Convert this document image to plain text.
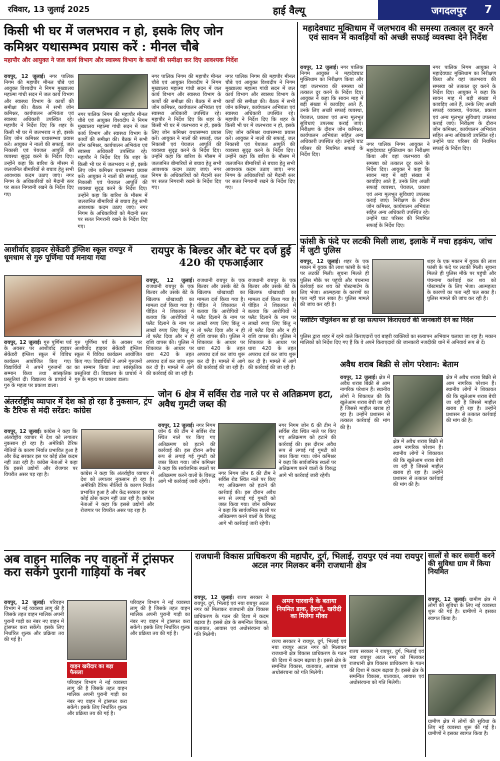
रविवार, 13 जुलाई 2025	हाई वैल्यू	जगदलपुर 7
किसी भी घर में जलभराव न हो, इसके लिए जोन
कमिश्नर यथासम्भव प्रयास करें : मीनल चौबे
महापौर और आयुक्त ने जल कार्य विभाग और स्वास्थ्य विभाग के कार्यों की समीक्षा कर दिए आवश्यक निर्देश
रायपुर, 12 जुलाई। नगर पालिक निगम की महापौर मीनल चौबे एवं आयुक्त विश्वदीप ने निगम मुख्यालय महात्मा गांधी सदन में जल कार्य विभाग और स्वास्थ्य विभाग के कार्यों की समीक्षा की। बैठक में सभी जोन कमिश्नर, कार्यपालन अभियंता एवं स्वास्थ्य अधिकारी उपस्थित रहे। महापौर ने निर्देश दिए कि शहर के किसी भी घर में जलभराव न हो, इसके लिए जोन कमिश्नर यथासम्भव प्रयास करें। आयुक्त ने नालों की सफाई, जल निकासी एवं पेयजल आपूर्ति की व्यवस्था सुदृढ़ करने के निर्देश दिए। उन्होंने कहा कि बारिश के मौसम में जलजनित बीमारियों से बचाव हेतु सभी आवश्यक कदम उठाए जाएं। नगर निगम के अधिकारियों को मैदानी स्तर पर सतत निगरानी रखने के निर्देश दिए गए।
नगर पालिक निगम की महापौर मीनल चौबे एवं आयुक्त विश्वदीप ने निगम मुख्यालय महात्मा गांधी सदन में जल कार्य विभाग और स्वास्थ्य विभाग के कार्यों की समीक्षा की। बैठक में सभी जोन कमिश्नर, कार्यपालन अभियंता एवं स्वास्थ्य अधिकारी उपस्थित रहे। महापौर ने निर्देश दिए कि शहर के किसी भी घर में जलभराव न हो, इसके लिए जोन कमिश्नर यथासम्भव प्रयास करें। आयुक्त ने नालों की सफाई, जल निकासी एवं पेयजल आपूर्ति की व्यवस्था सुदृढ़ करने के निर्देश दिए। उन्होंने कहा कि बारिश के मौसम में जलजनित बीमारियों से बचाव हेतु सभी आवश्यक कदम उठाए जाएं। नगर निगम के अधिकारियों को मैदानी स्तर पर सतत निगरानी रखने के निर्देश दिए गए।
नगर पालिक निगम की महापौर मीनल चौबे एवं आयुक्त विश्वदीप ने निगम मुख्यालय महात्मा गांधी सदन में जल कार्य विभाग और स्वास्थ्य विभाग के कार्यों की समीक्षा की। बैठक में सभी जोन कमिश्नर, कार्यपालन अभियंता एवं स्वास्थ्य अधिकारी उपस्थित रहे। महापौर ने निर्देश दिए कि शहर के किसी भी घर में जलभराव न हो, इसके लिए जोन कमिश्नर यथासम्भव प्रयास करें। आयुक्त ने नालों की सफाई, जल निकासी एवं पेयजल आपूर्ति की व्यवस्था सुदृढ़ करने के निर्देश दिए। उन्होंने कहा कि बारिश के मौसम में जलजनित बीमारियों से बचाव हेतु सभी आवश्यक कदम उठाए जाएं। नगर निगम के अधिकारियों को मैदानी स्तर पर सतत निगरानी रखने के निर्देश दिए गए।
नगर पालिक निगम की महापौर मीनल चौबे एवं आयुक्त विश्वदीप ने निगम मुख्यालय महात्मा गांधी सदन में जल कार्य विभाग और स्वास्थ्य विभाग के कार्यों की समीक्षा की। बैठक में सभी जोन कमिश्नर, कार्यपालन अभियंता एवं स्वास्थ्य अधिकारी उपस्थित रहे। महापौर ने निर्देश दिए कि शहर के किसी भी घर में जलभराव न हो, इसके लिए जोन कमिश्नर यथासम्भव प्रयास करें। आयुक्त ने नालों की सफाई, जल निकासी एवं पेयजल आपूर्ति की व्यवस्था सुदृढ़ करने के निर्देश दिए। उन्होंने कहा कि बारिश के मौसम में जलजनित बीमारियों से बचाव हेतु सभी आवश्यक कदम उठाए जाएं। नगर निगम के अधिकारियों को मैदानी स्तर पर सतत निगरानी रखने के निर्देश दिए गए।
महादेवघाट मुक्तिधाम में जलभराव की समस्या तत्काल दूर करने एवं सावन में कावड़ियों को अच्छी सफाई व्यवस्था देने निर्देश
रायपुर, 12 जुलाई। नगर पालिक निगम आयुक्त ने महादेवघाट मुक्तिधाम का निरीक्षण किया और वहां जलभराव की समस्या को तत्काल दूर करने के निर्देश दिए। आयुक्त ने कहा कि सावन माह में बड़ी संख्या में कावड़िए आते हैं, उनके लिए अच्छी सफाई व्यवस्था, पेयजल, प्रकाश एवं अन्य मूलभूत सुविधाएं उपलब्ध कराई जाएं। निरीक्षण के दौरान जोन कमिश्नर, कार्यपालन अभियंता सहित अन्य अधिकारी उपस्थित रहे। उन्होंने घाट परिसर की नियमित सफाई के निर्देश दिए।
नगर पालिक निगम आयुक्त ने महादेवघाट मुक्तिधाम का निरीक्षण किया और वहां जलभराव की समस्या को तत्काल दूर करने के निर्देश दिए। आयुक्त ने कहा कि सावन माह में बड़ी संख्या में कावड़िए आते हैं, उनके लिए अच्छी सफाई व्यवस्था, पेयजल, प्रकाश एवं अन्य मूलभूत सुविधाएं उपलब्ध कराई जाएं। निरीक्षण के दौरान जोन कमिश्नर, कार्यपालन अभियंता सहित अन्य अधिकारी उपस्थित रहे। उन्होंने घाट परिसर की नियमित सफाई के निर्देश दिए।
नगर पालिक निगम आयुक्त ने महादेवघाट मुक्तिधाम का निरीक्षण किया और वहां जलभराव की समस्या को तत्काल दूर करने के निर्देश दिए। आयुक्त ने कहा कि सावन माह में बड़ी संख्या में कावड़िए आते हैं, उनके लिए अच्छी सफाई व्यवस्था, पेयजल, प्रकाश एवं अन्य मूलभूत सुविधाएं उपलब्ध कराई जाएं। निरीक्षण के दौरान जोन कमिश्नर, कार्यपालन अभियंता सहित अन्य अधिकारी उपस्थित रहे। उन्होंने घाट परिसर की नियमित सफाई के निर्देश दिए।
फांसी के फंदे पर लटकी मिली लाश, इलाके में मचा हड़कंप, जांच में जुटी पुलिस
रायपुर, 12 जुलाई। शहर के एक मकान में युवक की लाश फांसी के फंदे पर लटकी मिली। सूचना मिलते ही पुलिस मौके पर पहुंची और पंचनामा कार्रवाई कर शव को पोस्टमार्टम के लिए भेजा। आत्महत्या के कारणों का पता नहीं चल सका है। पुलिस मामले की जांच कर रही है।
शहर के एक मकान में युवक की लाश फांसी के फंदे पर लटकी मिली। सूचना मिलते ही पुलिस मौके पर पहुंची और पंचनामा कार्रवाई कर शव को पोस्टमार्टम के लिए भेजा। आत्महत्या के कारणों का पता नहीं चल सका है। पुलिस मामले की जांच कर रही है।
फ्लोटिंग पॉपुलेशन का हो रहा सत्यापन किराएदारों की जानकारी देने का निर्देश
पुलिस द्वारा शहर में रहने वाले किराएदारों एवं बाहरी व्यक्तियों का सत्यापन अभियान चलाया जा रहा है। मकान मालिकों को निर्देश दिए गए हैं कि वे अपने किराएदारों की जानकारी नजदीकी थाने में अनिवार्य रूप से दें।
आशीर्वाद हाइयर सेकेंडरी इंग्लिश स्कूल रायपुर में धूमधाम से गुरु पूर्णिमा पर्व मनाया गया
रायपुर, 12 जुलाई। गुरु पूर्णिमा पर्व के अवसर पर आशीर्वाद हाइयर सेकेंडरी इंग्लिश स्कूल में विविध कार्यक्रम आयोजित किए गए। विद्यार्थियों ने अपने गुरुजनों का सम्मान किया तथा सांस्कृतिक प्रस्तुतियां दीं। विद्यालय के प्राचार्य ने गुरु के महत्व पर प्रकाश डाला।
गुरु पूर्णिमा पर्व के अवसर पर आशीर्वाद हाइयर सेकेंडरी इंग्लिश स्कूल में विविध कार्यक्रम आयोजित किए गए। विद्यार्थियों ने अपने गुरुजनों का सम्मान किया तथा सांस्कृतिक प्रस्तुतियां दीं। विद्यालय के प्राचार्य ने गुरु के महत्व पर प्रकाश डाला।
रायपुर के बिल्डर और बेटे पर दर्ज हुई 420 की एफआईआर
रायपुर, 12 जुलाई। राजधानी रायपुर के एक बिल्डर और उसके बेटे के खिलाफ धोखाधड़ी का मामला दर्ज किया गया है। पीड़ित ने शिकायत में बताया कि आरोपियों ने फ्लैट दिलाने के नाम पर लाखों रुपए लिए किंतु न तो फ्लैट दिया और न ही राशि वापस की। पुलिस ने शिकायत के आधार पर धारा 420 के तहत अपराध दर्ज कर जांच शुरू कर दी है। मामले में आगे की कार्रवाई की जा रही है।
राजधानी रायपुर के एक बिल्डर और उसके बेटे के खिलाफ धोखाधड़ी का मामला दर्ज किया गया है। पीड़ित ने शिकायत में बताया कि आरोपियों ने फ्लैट दिलाने के नाम पर लाखों रुपए लिए किंतु न तो फ्लैट दिया और न ही राशि वापस की। पुलिस ने शिकायत के आधार पर धारा 420 के तहत अपराध दर्ज कर जांच शुरू कर दी है। मामले में आगे की कार्रवाई की जा रही है।
राजधानी रायपुर के एक बिल्डर और उसके बेटे के खिलाफ धोखाधड़ी का मामला दर्ज किया गया है। पीड़ित ने शिकायत में बताया कि आरोपियों ने फ्लैट दिलाने के नाम पर लाखों रुपए लिए किंतु न तो फ्लैट दिया और न ही राशि वापस की। पुलिस ने शिकायत के आधार पर धारा 420 के तहत अपराध दर्ज कर जांच शुरू कर दी है। मामले में आगे की कार्रवाई की जा रही है।
अंतरर्राष्ट्रीय व्यापार में देश को हो रहा है नुकसान, ट्रंप के टैरिफ से मंदी सरेंडर: कांग्रेस
रायपुर, 12 जुलाई। कांग्रेस ने कहा कि अंतर्राष्ट्रीय व्यापार में देश को लगातार नुकसान हो रहा है। अमेरिकी टैरिफ नीतियों के कारण निर्यात प्रभावित हुआ है और केंद्र सरकार इस पर कोई ठोस कदम नहीं उठा रही है। कांग्रेस नेताओं ने कहा कि इससे उद्योगों और रोजगार पर विपरीत असर पड़ रहा है।	कांग्रेस ने कहा कि अंतर्राष्ट्रीय व्यापार में देश को लगातार नुकसान हो रहा है। अमेरिकी टैरिफ नीतियों के कारण निर्यात प्रभावित हुआ है और केंद्र सरकार इस पर कोई ठोस कदम नहीं उठा रही है। कांग्रेस नेताओं ने कहा कि इससे उद्योगों और रोजगार पर विपरीत असर पड़ रहा है।
जोन 6 क्षेत्र में सर्विस रोड नाले पर से अतिक्रमण हटा, अवैध गुमटी जब्त की
रायपुर, 12 जुलाई। नगर निगम जोन 6 की टीम ने सर्विस रोड स्थित नाले पर किए गए अतिक्रमण को हटाने की कार्रवाई की। इस दौरान अवैध रूप से लगाई गई गुमटी को जब्त किया गया। जोन कमिश्नर ने कहा कि सार्वजनिक स्थलों पर अतिक्रमण करने वालों के विरुद्ध आगे भी कार्रवाई जारी रहेगी।
नगर निगम जोन 6 की टीम ने सर्विस रोड स्थित नाले पर किए गए अतिक्रमण को हटाने की कार्रवाई की। इस दौरान अवैध रूप से लगाई गई गुमटी को जब्त किया गया। जोन कमिश्नर ने कहा कि सार्वजनिक स्थलों पर अतिक्रमण करने वालों के विरुद्ध आगे भी कार्रवाई जारी रहेगी।
नगर निगम जोन 6 की टीम ने सर्विस रोड स्थित नाले पर किए गए अतिक्रमण को हटाने की कार्रवाई की। इस दौरान अवैध रूप से लगाई गई गुमटी को जब्त किया गया। जोन कमिश्नर ने कहा कि सार्वजनिक स्थलों पर अतिक्रमण करने वालों के विरुद्ध आगे भी कार्रवाई जारी रहेगी।
अवैध शराब बिक्री से लोग परेशान: बेताम
रायपुर, 12 जुलाई। क्षेत्र में अवैध शराब बिक्री से आम नागरिक परेशान हैं। स्थानीय लोगों ने शिकायत की कि खुलेआम शराब बेची जा रही है जिससे माहौल खराब हो रहा है। उन्होंने प्रशासन से तत्काल कार्रवाई की मांग की है।
क्षेत्र में अवैध शराब बिक्री से आम नागरिक परेशान हैं। स्थानीय लोगों ने शिकायत की कि खुलेआम शराब बेची जा रही है जिससे माहौल खराब हो रहा है। उन्होंने प्रशासन से तत्काल कार्रवाई की मांग की है।
क्षेत्र में अवैध शराब बिक्री से आम नागरिक परेशान हैं। स्थानीय लोगों ने शिकायत की कि खुलेआम शराब बेची जा रही है जिससे माहौल खराब हो रहा है। उन्होंने प्रशासन से तत्काल कार्रवाई की मांग की है।
अब वाहन मालिक नए वाहनों में ट्रांसफर करा सकेंगे पुरानी गाड़ियों के नंबर
रायपुर, 12 जुलाई। परिवहन विभाग ने नई व्यवस्था लागू की है जिसके तहत वाहन मालिक अपनी पुरानी गाड़ी का नंबर नए वाहन में ट्रांसफर करा सकेंगे। इसके लिए निर्धारित शुल्क और प्रक्रिया तय की गई है।
वाहन खरीदार का बड़ा फैसला
परिवहन विभाग ने नई व्यवस्था लागू की है जिसके तहत वाहन मालिक अपनी पुरानी गाड़ी का नंबर नए वाहन में ट्रांसफर करा सकेंगे। इसके लिए निर्धारित शुल्क और प्रक्रिया तय की गई है।
परिवहन विभाग ने नई व्यवस्था लागू की है जिसके तहत वाहन मालिक अपनी पुरानी गाड़ी का नंबर नए वाहन में ट्रांसफर करा सकेंगे। इसके लिए निर्धारित शुल्क और प्रक्रिया तय की गई है।
राजधानी विकास प्राधिकरण की महापौर, दुर्ग, भिलाई, रायपुर एवं नया रायपुर अटल नगर मिलकर बनेंगे राजधानी क्षेत्र
रायपुर, 12 जुलाई। राज्य सरकार ने रायपुर, दुर्ग, भिलाई एवं नया रायपुर अटल नगर को मिलाकर राजधानी क्षेत्र विकास प्राधिकरण के गठन की दिशा में कदम बढ़ाया है। इससे क्षेत्र के समन्वित विकास, यातायात, आवास एवं अधोसंरचना को गति मिलेगी।
अमन पारवानी के बताया नियमित डाक, हैरानी, खरीदी का मिलेगा मौका
राज्य सरकार ने रायपुर, दुर्ग, भिलाई एवं नया रायपुर अटल नगर को मिलाकर राजधानी क्षेत्र विकास प्राधिकरण के गठन की दिशा में कदम बढ़ाया है। इससे क्षेत्र के समन्वित विकास, यातायात, आवास एवं अधोसंरचना को गति मिलेगी।
राज्य सरकार ने रायपुर, दुर्ग, भिलाई एवं नया रायपुर अटल नगर को मिलाकर राजधानी क्षेत्र विकास प्राधिकरण के गठन की दिशा में कदम बढ़ाया है। इससे क्षेत्र के समन्वित विकास, यातायात, आवास एवं अधोसंरचना को गति मिलेगी।
सालों से कार सवारी करने की सुविधा ग्राम में किया नियमित
रायपुर, 12 जुलाई। ग्रामीण क्षेत्र में लोगों की सुविधा के लिए नई व्यवस्था शुरू की गई है। ग्रामीणों ने इसका स्वागत किया है।
ग्रामीण क्षेत्र में लोगों की सुविधा के लिए नई व्यवस्था शुरू की गई है। ग्रामीणों ने इसका स्वागत किया है।
